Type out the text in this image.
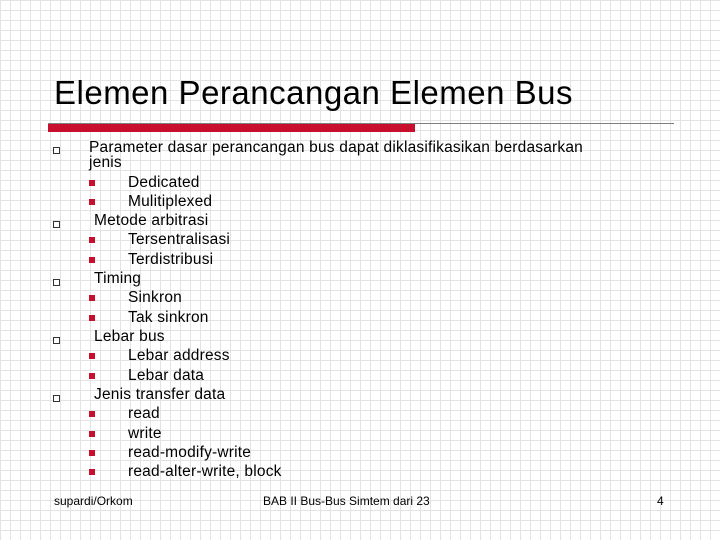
Elemen Perancangan Elemen Bus
Parameter dasar perancangan bus dapat diklasifikasikan berdasarkan
jenis
Dedicated
Mulitiplexed
Metode arbitrasi
Tersentralisasi
Terdistribusi
Timing
Sinkron
Tak sinkron
Lebar bus
Lebar address
Lebar data
Jenis transfer data
read
write
read-modify-write
read-alter-write, block
supardi/Orkom	BAB II Bus-Bus Simtem dari 23	4
